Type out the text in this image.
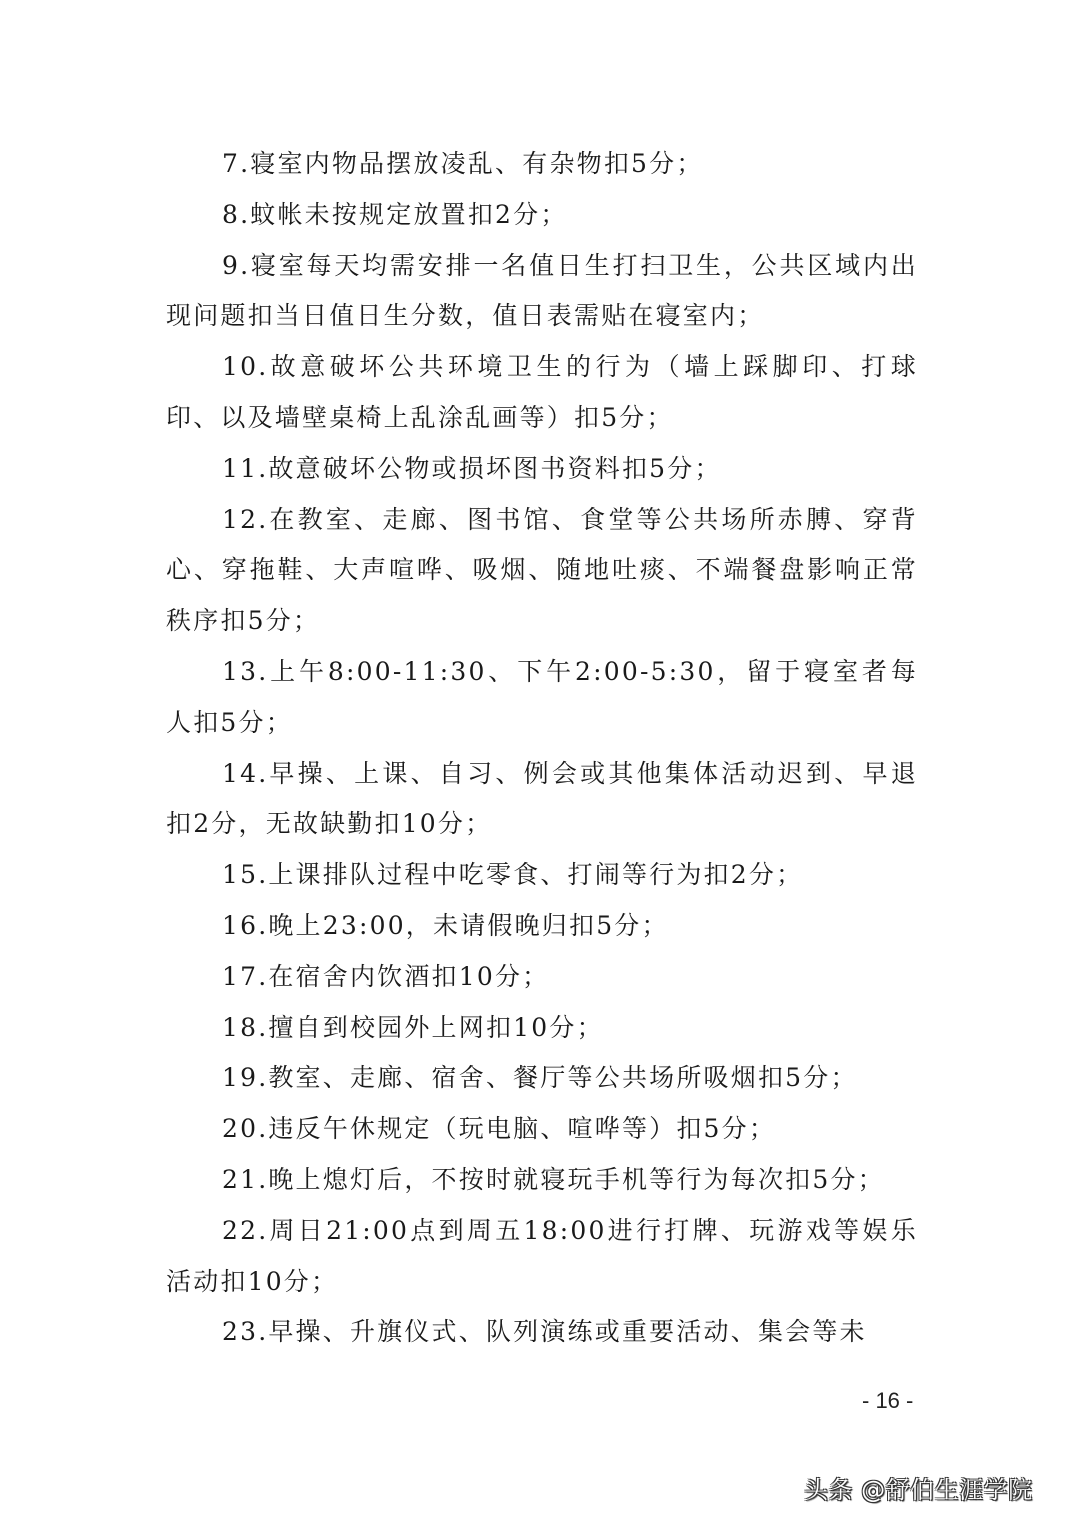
7.寝室内物品摆放凌乱、有杂物扣5分；

8.蚊帐未按规定放置扣2分；

9.寝室每天均需安排一名值日生打扫卫生，公共区域内出现问题扣当日值日生分数，值日表需贴在寝室内；

10.故意破坏公共环境卫生的行为（墙上踩脚印、打球印、以及墙壁桌椅上乱涂乱画等）扣5分；

11.故意破坏公物或损坏图书资料扣5分；

12.在教室、走廊、图书馆、食堂等公共场所赤膊、穿背心、穿拖鞋、大声喧哗、吸烟、随地吐痰、不端餐盘影响正常秩序扣5分；

13.上午8:00-11:30、下午2:00-5:30，留于寝室者每人扣5分；

14.早操、上课、自习、例会或其他集体活动迟到、早退扣2分，无故缺勤扣10分；

15.上课排队过程中吃零食、打闹等行为扣2分；

16.晚上23:00，未请假晚归扣5分；

17.在宿舍内饮酒扣10分；

18.擅自到校园外上网扣10分；

19.教室、走廊、宿舍、餐厅等公共场所吸烟扣5分；

20.违反午休规定（玩电脑、喧哗等）扣5分；

21.晚上熄灯后，不按时就寝玩手机等行为每次扣5分；

22.周日21:00点到周五18:00进行打牌、玩游戏等娱乐活动扣10分；

23.早操、升旗仪式、队列演练或重要活动、集会等未

- 16 -
头条 @舒伯生涯学院
